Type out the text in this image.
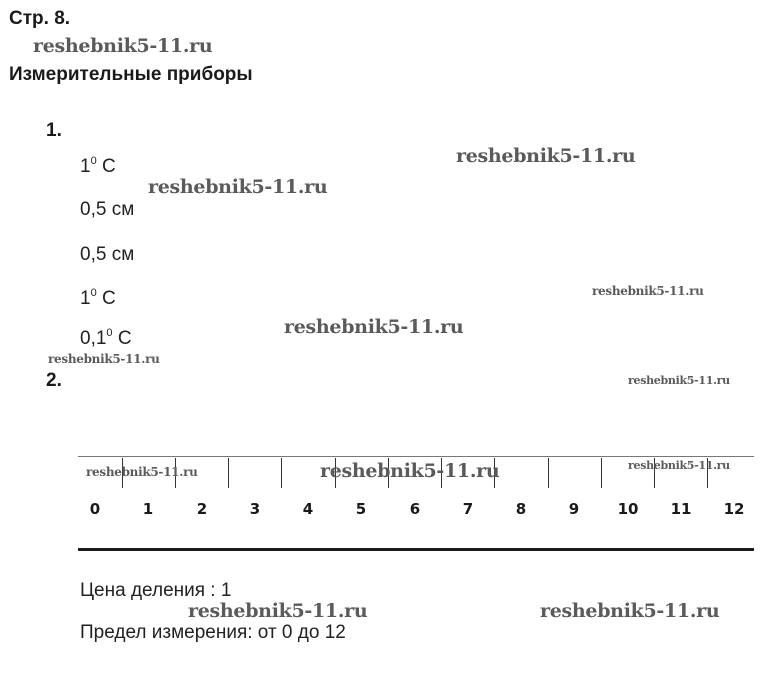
Стр. 8.
reshebnik5-11.ru
Измерительные приборы
1.
$1^0$ C
0,5 см
0,5 см
$1^0$ C
$0,1^0$ C
reshebnik5-11.ru
reshebnik5-11.ru
reshebnik5-11.ru
reshebnik5-11.ru
reshebnik5-11.ru
2.	reshebnik5-11.ru
0	1	2	3	4	5	6	7	8	9	10 11 12
reshebnik5-11.ru	reshebnik5-11.ru	reshebnik5-11.ru
Цена деления : 1
reshebnik5-11.ru	reshebnik5-11.ru
Предел измерения: от 0 до 12
